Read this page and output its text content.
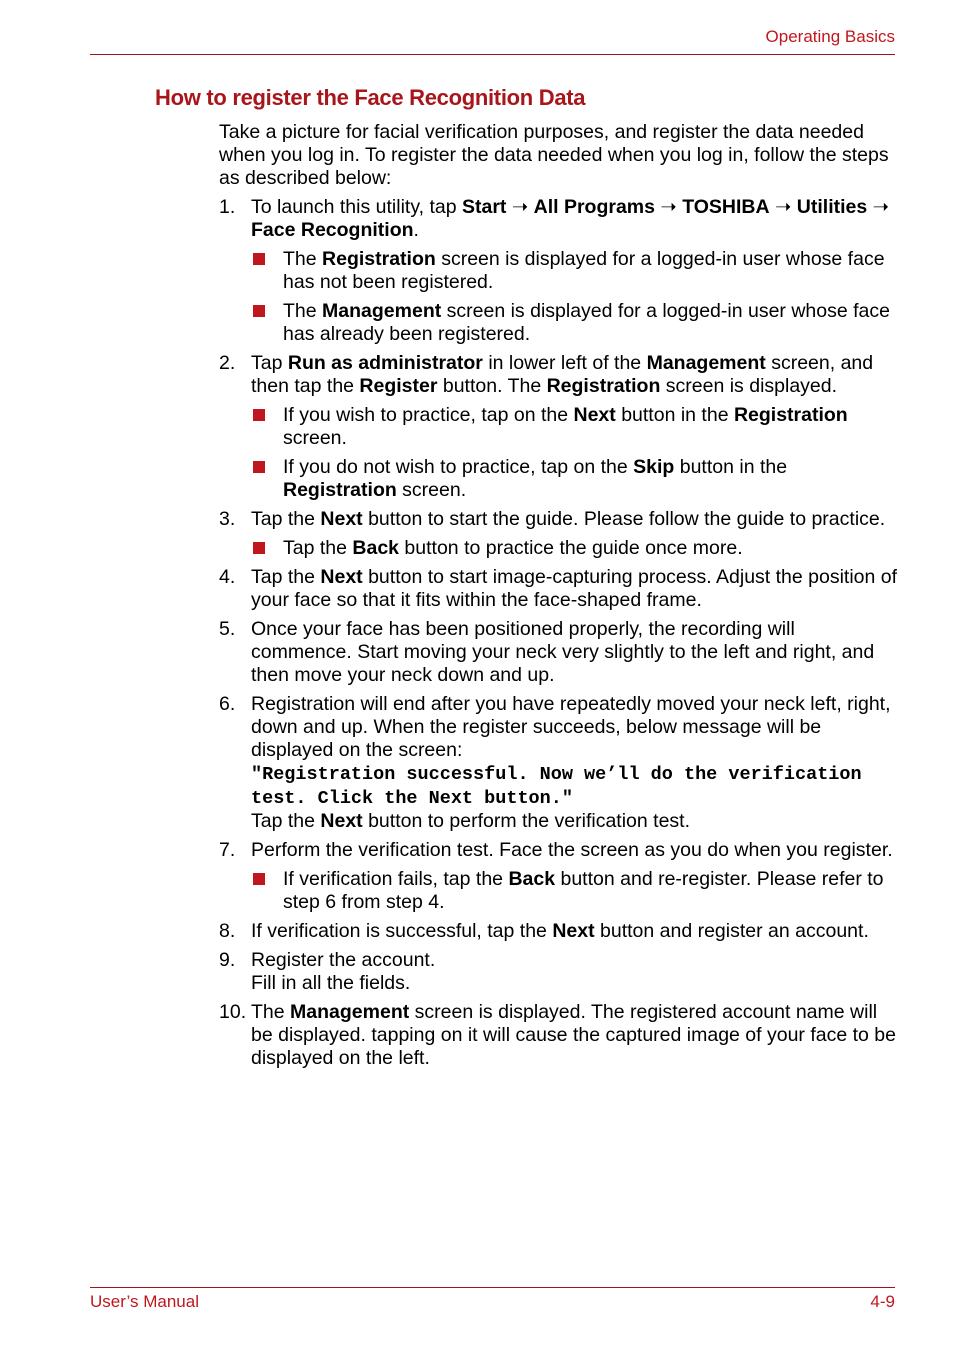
Operating Basics
How to register the Face Recognition Data

Take a picture for facial verification purposes, and register the data needed when you log in. To register the data needed when you log in, follow the steps as described below:

1. To launch this utility, tap Start ➝ All Programs ➝ TOSHIBA ➝ Utilities ➝ Face Recognition.
The Registration screen is displayed for a logged-in user whose face has not been registered.
The Management screen is displayed for a logged-in user whose face has already been registered.
2. Tap Run as administrator in lower left of the Management screen, and then tap the Register button. The Registration screen is displayed.
If you wish to practice, tap on the Next button in the Registration screen.
If you do not wish to practice, tap on the Skip button in the Registration screen.
3. Tap the Next button to start the guide. Please follow the guide to practice.
Tap the Back button to practice the guide once more.
4. Tap the Next button to start image-capturing process. Adjust the position of your face so that it fits within the face-shaped frame.
5. Once your face has been positioned properly, the recording will commence. Start moving your neck very slightly to the left and right, and then move your neck down and up.
6. Registration will end after you have repeatedly moved your neck left, right, down and up. When the register succeeds, below message will be displayed on the screen:
"Registration successful. Now we’ll do the verification test. Click the Next button."
Tap the Next button to perform the verification test.
7. Perform the verification test. Face the screen as you do when you register.
If verification fails, tap the Back button and re-register. Please refer to step 6 from step 4.
8. If verification is successful, tap the Next button and register an account.
9. Register the account.
Fill in all the fields.
10. The Management screen is displayed. The registered account name will be displayed. tapping on it will cause the captured image of your face to be displayed on the left.
User’s Manual	4-9
